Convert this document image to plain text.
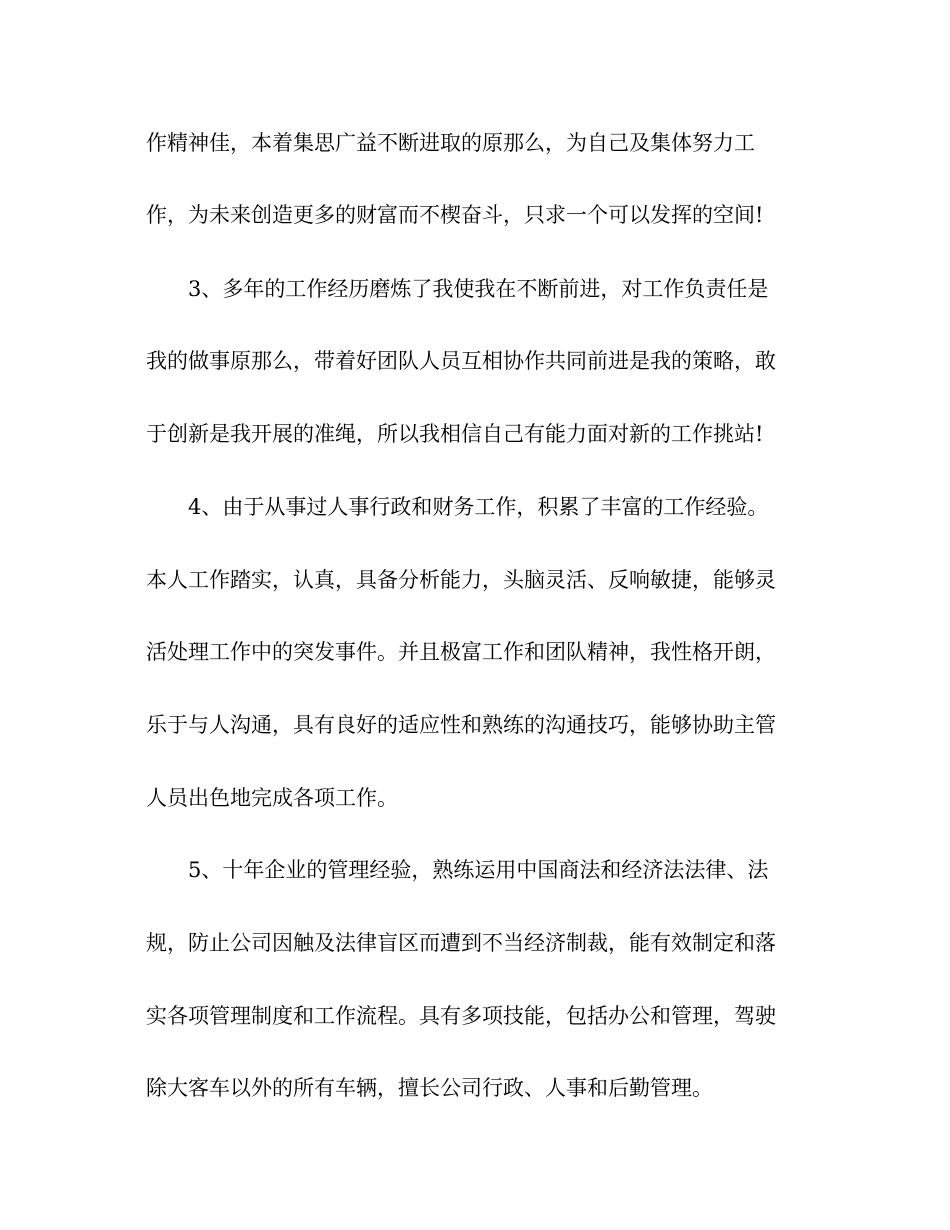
作精神佳，本着集思广益不断进取的原那么，为自己及集体努力工
作，为未来创造更多的财富而不楔奋斗，只求一个可以发挥的空间!
3、多年的工作经历磨炼了我使我在不断前进，对工作负责任是
我的做事原那么，带着好团队人员互相协作共同前进是我的策略，敢
于创新是我开展的准绳，所以我相信自己有能力面对新的工作挑站!
4、由于从事过人事行政和财务工作，积累了丰富的工作经验。
本人工作踏实，认真，具备分析能力，头脑灵活、反响敏捷，能够灵
活处理工作中的突发事件。并且极富工作和团队精神，我性格开朗，
乐于与人沟通，具有良好的适应性和熟练的沟通技巧，能够协助主管
人员出色地完成各项工作。
5、十年企业的管理经验，熟练运用中国商法和经济法法律、法
规，防止公司因触及法律盲区而遭到不当经济制裁，能有效制定和落
实各项管理制度和工作流程。具有多项技能，包括办公和管理，驾驶
除大客车以外的所有车辆，擅长公司行政、人事和后勤管理。
